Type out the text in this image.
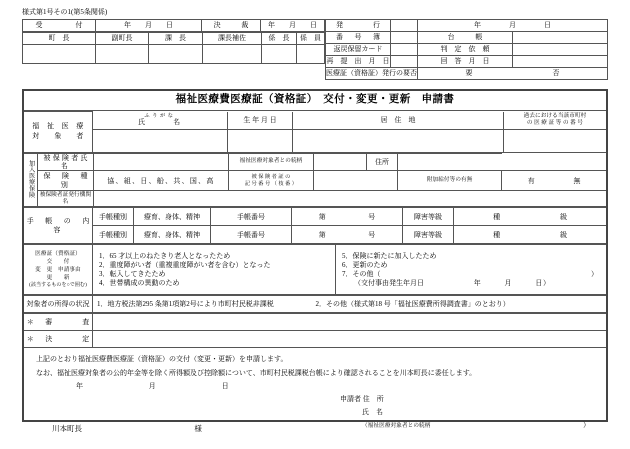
様式第1号その1(第5条関係)
受　　付	年　　月　　日	決　　裁	年　　月　　日
町　長	副町長	課　長	課長補佐	係　長	係　員

発　　　行		年　　　　月　　　　日	

番　号　簿		台　　帳	

返戻保留カード		判　定　依　頼	
再　提　出　月　日		回　答　月　日	
医療証（資格証）発行の要否		要 否	
福祉医療費医療証（資格証）　交付・変更・更新　申請書

福　祉　医　療
対　　象　　者

ふりがな
氏　　　名	生 年 月 日	居　住　地	
過去における当該市町村
の 医 療 証 等 の 番 号

加入医療保険	
被保険者氏名
		福祉医療対象者との続柄		住所	

保　険　種　別
	協、組、日、船、共、国、高	被 保 険 者 証 の
記 号 番 号 （ 枝 番 ）
		附加給付等の有無	有	無
被保険者証発行機関名	

手　帳　の　内　容
	手帳種別	療育、身体、精神	手帳番号	第	号	障害等級	種	級
手帳種別	療育、身体、精神	手帳番号	第	号	障害等級	種	級

医療証（資格証）
交　　付
変　更　申請事由
更　　新
(該当するものを○で囲む)

1．65 才以上のねたきり老人となったため
2．重度障がい者（重複重度障がい者を含む）となった
3．転入してきたため
4．世帯構成の異動のため

5．保険に新たに加入したため
6．更新のため
7．その他（	）
（交付事由発生年月日	年　　　月　　　日）

対象者の所得の状況	1．地方税法第295 条第1項第2号により市町村民税非課税	2．その他（様式第18 号「福祉医療費所得調査書」のとおり）

＊　審　　　査

＊　決　　　定

上記のとおり福祉医療費医療証（資格証）の交付（変更・更新）を申請します。
なお、福祉医療対象者の公的年金等を除く所得額及び控除額について、市町村民税課税台帳により確認されることを川本町長に委任します。
年　　　月　　　日

申請者 住　所
氏　名
（福祉医療対象者との続柄	）
川本町長	様
